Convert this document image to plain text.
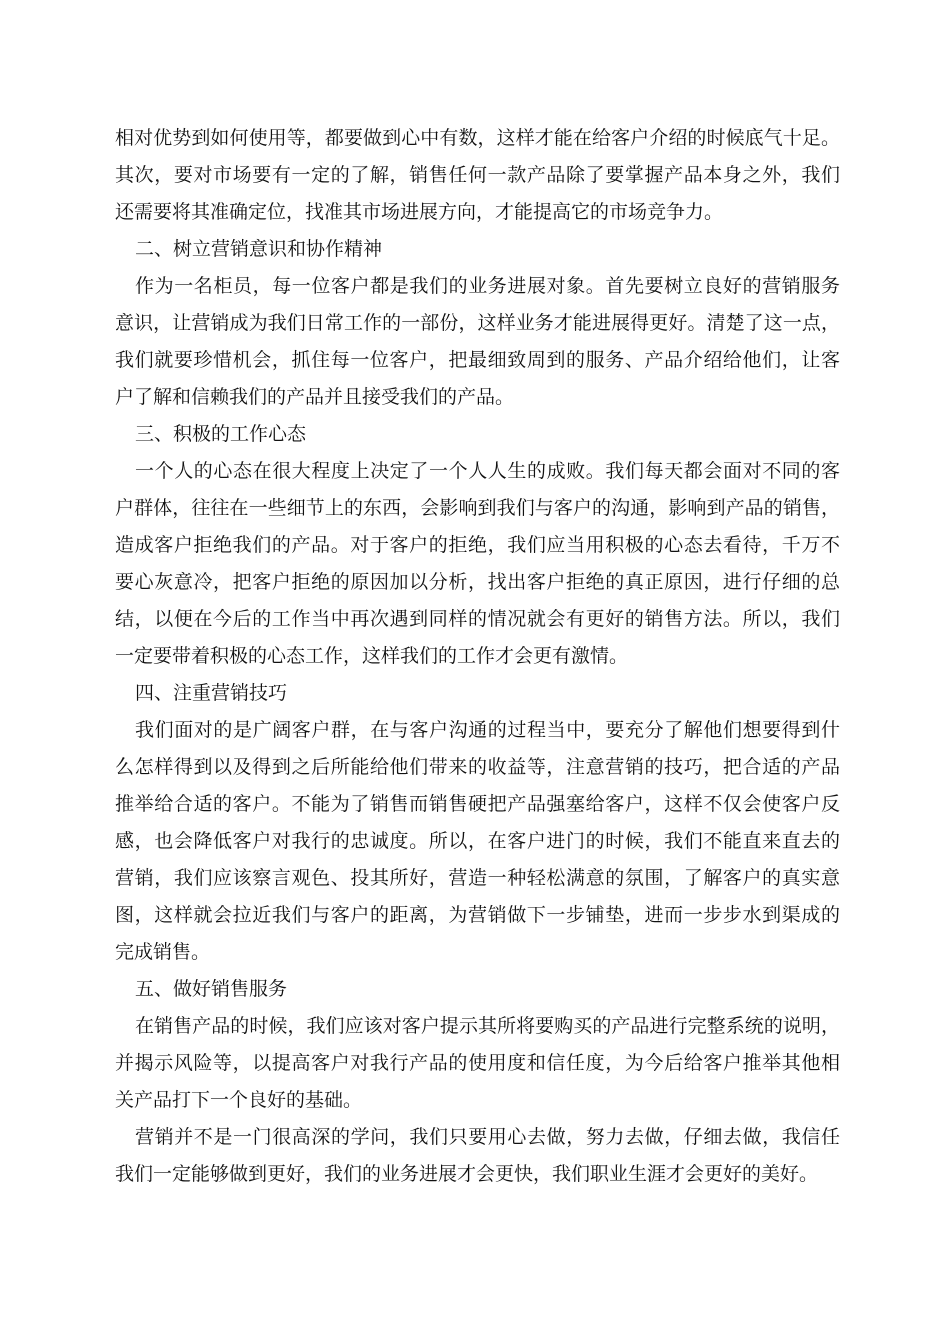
相对优势到如何使用等，都要做到心中有数，这样才能在给客户介绍的时候底气十足。
其次，要对市场要有一定的了解，销售任何一款产品除了要掌握产品本身之外，我们
还需要将其准确定位，找准其市场进展方向，才能提高它的市场竞争力。
二、树立营销意识和协作精神
作为一名柜员，每一位客户都是我们的业务进展对象。首先要树立良好的营销服务
意识，让营销成为我们日常工作的一部份，这样业务才能进展得更好。清楚了这一点，
我们就要珍惜机会，抓住每一位客户，把最细致周到的服务、产品介绍给他们，让客
户了解和信赖我们的产品并且接受我们的产品。
三、积极的工作心态
一个人的心态在很大程度上决定了一个人人生的成败。我们每天都会面对不同的客
户群体，往往在一些细节上的东西，会影响到我们与客户的沟通，影响到产品的销售，
造成客户拒绝我们的产品。对于客户的拒绝，我们应当用积极的心态去看待，千万不
要心灰意冷，把客户拒绝的原因加以分析，找出客户拒绝的真正原因，进行仔细的总
结，以便在今后的工作当中再次遇到同样的情况就会有更好的销售方法。所以，我们
一定要带着积极的心态工作，这样我们的工作才会更有激情。
四、注重营销技巧
我们面对的是广阔客户群，在与客户沟通的过程当中，要充分了解他们想要得到什
么怎样得到以及得到之后所能给他们带来的收益等，注意营销的技巧，把合适的产品
推举给合适的客户。不能为了销售而销售硬把产品强塞给客户，这样不仅会使客户反
感，也会降低客户对我行的忠诚度。所以，在客户进门的时候，我们不能直来直去的
营销，我们应该察言观色、投其所好，营造一种轻松满意的氛围，了解客户的真实意
图，这样就会拉近我们与客户的距离，为营销做下一步铺垫，进而一步步水到渠成的
完成销售。
五、做好销售服务
在销售产品的时候，我们应该对客户提示其所将要购买的产品进行完整系统的说明，
并揭示风险等，以提高客户对我行产品的使用度和信任度，为今后给客户推举其他相
关产品打下一个良好的基础。
营销并不是一门很高深的学问，我们只要用心去做，努力去做，仔细去做，我信任
我们一定能够做到更好，我们的业务进展才会更快，我们职业生涯才会更好的美好。
